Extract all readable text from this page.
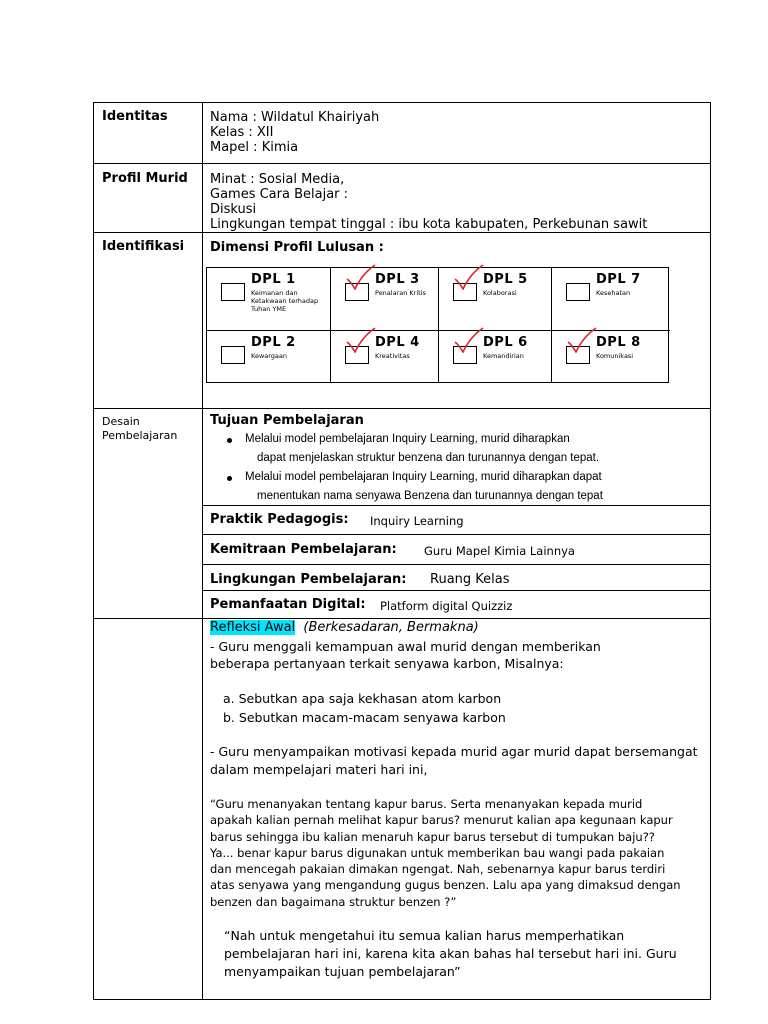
Identitas	Nama : Wildatul Khairiyah
Kelas : XII
Mapel : Kimia
Profil Murid Minat : Sosial Media,
Games Cara Belajar :
Diskusi
Lingkungan tempat tinggal : ibu kota kabupaten, Perkebunan sawit
Identifikasi Dimensi Profil Lulusan :
DPL 1
Keimanan dan Ketakwaan terhadap Tuhan YME
DPL 3
Penalaran Kritis
DPL 5
Kolaborasi
DPL 7
Kesehatan
DPL 2
Kewargaan
DPL 4
Kreativitas
DPL 6
Kemandirian
DPL 8
Komunikasi
Desain Pembelajaran
Tujuan Pembelajaran
Melalui model pembelajaran Inquiry Learning, murid diharapkan
dapat menjelaskan struktur benzena dan turunannya dengan tepat.
Melalui model pembelajaran Inquiry Learning, murid diharapkan dapat
menentukan nama senyawa Benzena dan turunannya dengan tepat
Praktik Pedagogis: Inquiry Learning
Kemitraan Pembelajaran: Guru Mapel Kimia Lainnya
Lingkungan Pembelajaran: Ruang Kelas
Pemanfaatan Digital: Platform digital Quizziz
Refleksi Awal (Berkesadaran, Bermakna)
- Guru menggali kemampuan awal murid dengan memberikan
beberapa pertanyaan terkait senyawa karbon, Misalnya:
a. Sebutkan apa saja kekhasan atom karbon
b. Sebutkan macam-macam senyawa karbon
- Guru menyampaikan motivasi kepada murid agar murid dapat bersemangat
dalam mempelajari materi hari ini,
“Guru menanyakan tentang kapur barus. Serta menanyakan kepada murid
apakah kalian pernah melihat kapur barus? menurut kalian apa kegunaan kapur
barus sehingga ibu kalian menaruh kapur barus tersebut di tumpukan baju??
Ya... benar kapur barus digunakan untuk memberikan bau wangi pada pakaian
dan mencegah pakaian dimakan ngengat. Nah, sebenarnya kapur barus terdiri
atas senyawa yang mengandung gugus benzen. Lalu apa yang dimaksud dengan
benzen dan bagaimana struktur benzen ?”
“Nah untuk mengetahui itu semua kalian harus memperhatikan
pembelajaran hari ini, karena kita akan bahas hal tersebut hari ini. Guru
menyampaikan tujuan pembelajaran”
